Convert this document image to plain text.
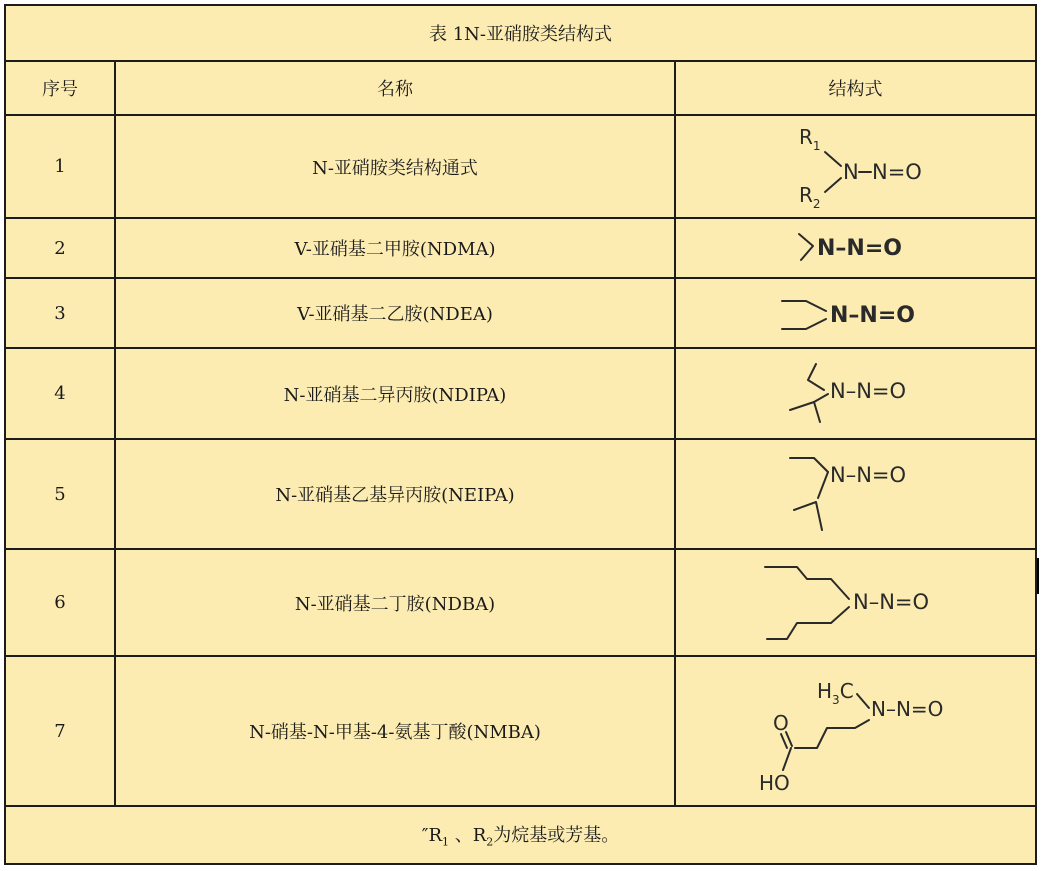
表 1N-亚硝胺类结构式		
序号	名称	结构式
1	N-亚硝胺类结构通式	$R_1$
$R_2$
N N=O

2	V-亚硝基二甲胺(NDMA)	N–N=O

3	V-亚硝基二乙胺(NDEA)	N–N=O

4	N-亚硝基二异丙胺(NDIPA)	N–N=O

5	N-亚硝基乙基异丙胺(NEIPA)	N–N=O

6	N-亚硝基二丁胺(NDBA)	N–N=O

7	N-硝基-N-甲基-4-氨基丁酸(NMBA)	$H_3C$
N–N=O
O
HO

$''R_1$ 、$R_2$为烷基或芳基。		
